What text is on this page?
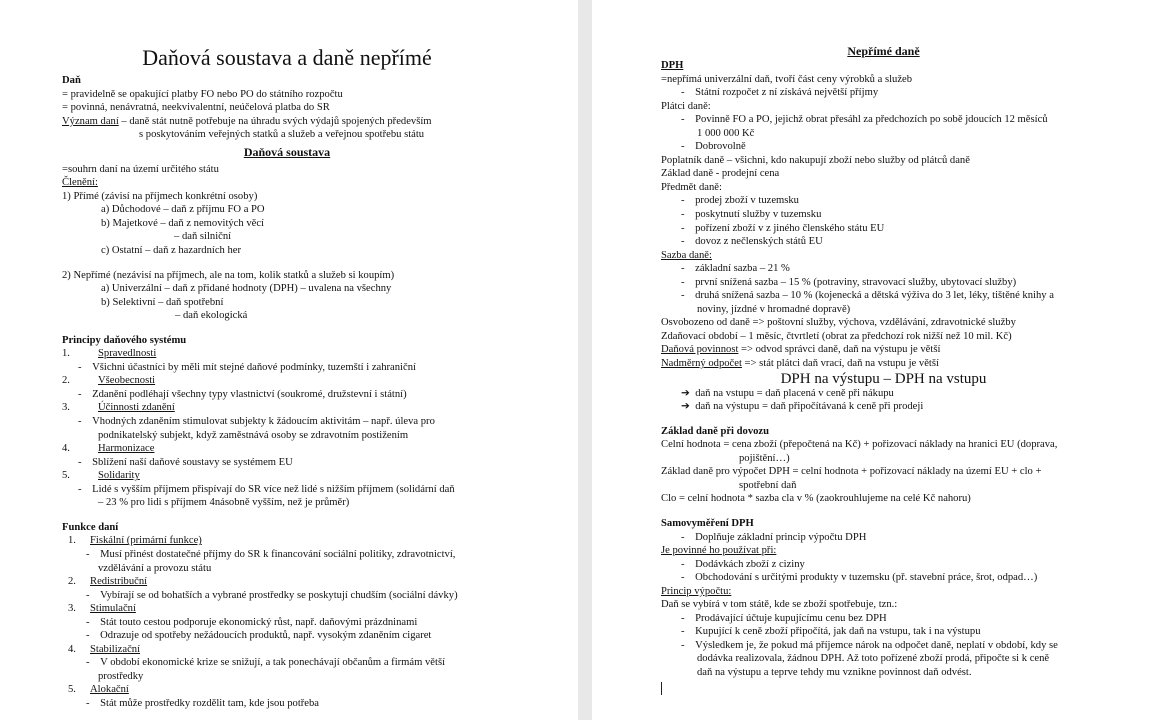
Daňová soustava a daně nepřímé
Daň
= pravidelně se opakující platby FO nebo PO do státního rozpočtu
= povinná, nenávratná, neekvivalentní, neúčelová platba do SR
Význam daní – daně stát nutně potřebuje na úhradu svých výdajů spojených především
s poskytováním veřejných statků a služeb a veřejnou spotřebu státu
Daňová soustava
=souhrn daní na území určitého státu
Členění:
1) Přímé (závisí na příjmech konkrétní osoby)
a) Důchodové – daň z příjmu FO a PO
b) Majetkové – daň z nemovitých věcí
– daň silniční
c) Ostatní – daň z hazardních her
2) Nepřímé (nezávisí na příjmech, ale na tom, kolik statků a služeb si koupím)
a) Univerzální – daň z přidané hodnoty (DPH) – uvalena na všechny
b) Selektivní – daň spotřební
– daň ekologická
Principy daňového systému
1.	Spravedlnosti
- Všichni účastníci by měli mít stejné daňové podmínky, tuzemští i zahraniční
2.	Všeobecnosti
- Zdanění podléhají všechny typy vlastnictví (soukromé, družstevní i státní)
3.	Účinnosti zdanění
- Vhodných zdaněním stimulovat subjekty k žádoucím aktivitám – např. úleva pro
podnikatelský subjekt, když zaměstnává osoby se zdravotním postižením
4.	Harmonizace
- Sblížení naší daňové soustavy se systémem EU
5.	Solidarity
- Lidé s vyšším příjmem přispívají do SR více než lidé s nižším příjmem (solidární daň
– 23 % pro lidi s příjmem 4násobně vyšším, než je průměr)
Funkce daní
1. Fiskální (primární funkce)
- Musí přinést dostatečné příjmy do SR k financování sociální politiky, zdravotnictví,
vzdělávání a provozu státu
2. Redistribuční
- Vybírají se od bohatších a vybrané prostředky se poskytují chudším (sociální dávky)
3. Stimulační
- Stát touto cestou podporuje ekonomický růst, např. daňovými prázdninami
- Odrazuje od spotřeby nežádoucích produktů, např. vysokým zdaněním cigaret
4. Stabilizační
- V období ekonomické krize se snižují, a tak ponechávají občanům a firmám větší
prostředky
5. Alokační
- Stát může prostředky rozdělit tam, kde jsou potřeba
Nepřímé daně
DPH
=nepřímá univerzální daň, tvoří část ceny výrobků a služeb
- Státní rozpočet z ní získává největší příjmy
Plátci daně:
- Povinně FO a PO, jejichž obrat přesáhl za předchozích po sobě jdoucích 12 měsíců
1 000 000 Kč
- Dobrovolně
Poplatník daně – všichni, kdo nakupují zboží nebo služby od plátců daně
Základ daně - prodejní cena
Předmět daně:
- prodej zboží v tuzemsku
- poskytnutí služby v tuzemsku
- pořízení zboží v z jiného členského státu EU
- dovoz z nečlenských států EU
Sazba daně:
- základní sazba – 21 %
- první snížená sazba – 15 % (potraviny, stravovací služby, ubytovací služby)
- druhá snížená sazba – 10 % (kojenecká a dětská výživa do 3 let, léky, tištěné knihy a
noviny, jízdné v hromadné dopravě)
Osvobozeno od daně => poštovní služby, výchova, vzdělávání, zdravotnické služby
Zdaňovací období – 1 měsíc, čtvrtletí (obrat za předchozí rok nižší než 10 mil. Kč)
Daňová povinnost => odvod správci daně, daň na výstupu je větší
Nadměrný odpočet => stát plátci daň vrací, daň na vstupu je větší
DPH na výstupu – DPH na vstupu
➔ daň na vstupu = daň placená v ceně při nákupu
➔ daň na výstupu = daň připočítávaná k ceně při prodeji
Základ daně při dovozu
Celní hodnota = cena zboží (přepočtená na Kč) + pořizovací náklady na hranici EU (doprava,
pojištění…)
Základ daně pro výpočet DPH = celní hodnota + pořizovací náklady na území EU + clo +
spotřební daň
Clo = celní hodnota * sazba cla v % (zaokrouhlujeme na celé Kč nahoru)
Samovyměření DPH
- Doplňuje základní princip výpočtu DPH
Je povinné ho používat při:
- Dodávkách zboží z ciziny
- Obchodování s určitými produkty v tuzemsku (př. stavební práce, šrot, odpad…)
Princip výpočtu:
Daň se vybírá v tom státě, kde se zboží spotřebuje, tzn.:
- Prodávající účtuje kupujícímu cenu bez DPH
- Kupující k ceně zboží připočítá, jak daň na vstupu, tak i na výstupu
- Výsledkem je, že pokud má příjemce nárok na odpočet daně, neplatí v období, kdy se
dodávka realizovala, žádnou DPH. Až toto pořízené zboží prodá, připočte si k ceně
daň na výstupu a teprve tehdy mu vznikne povinnost daň odvést.
